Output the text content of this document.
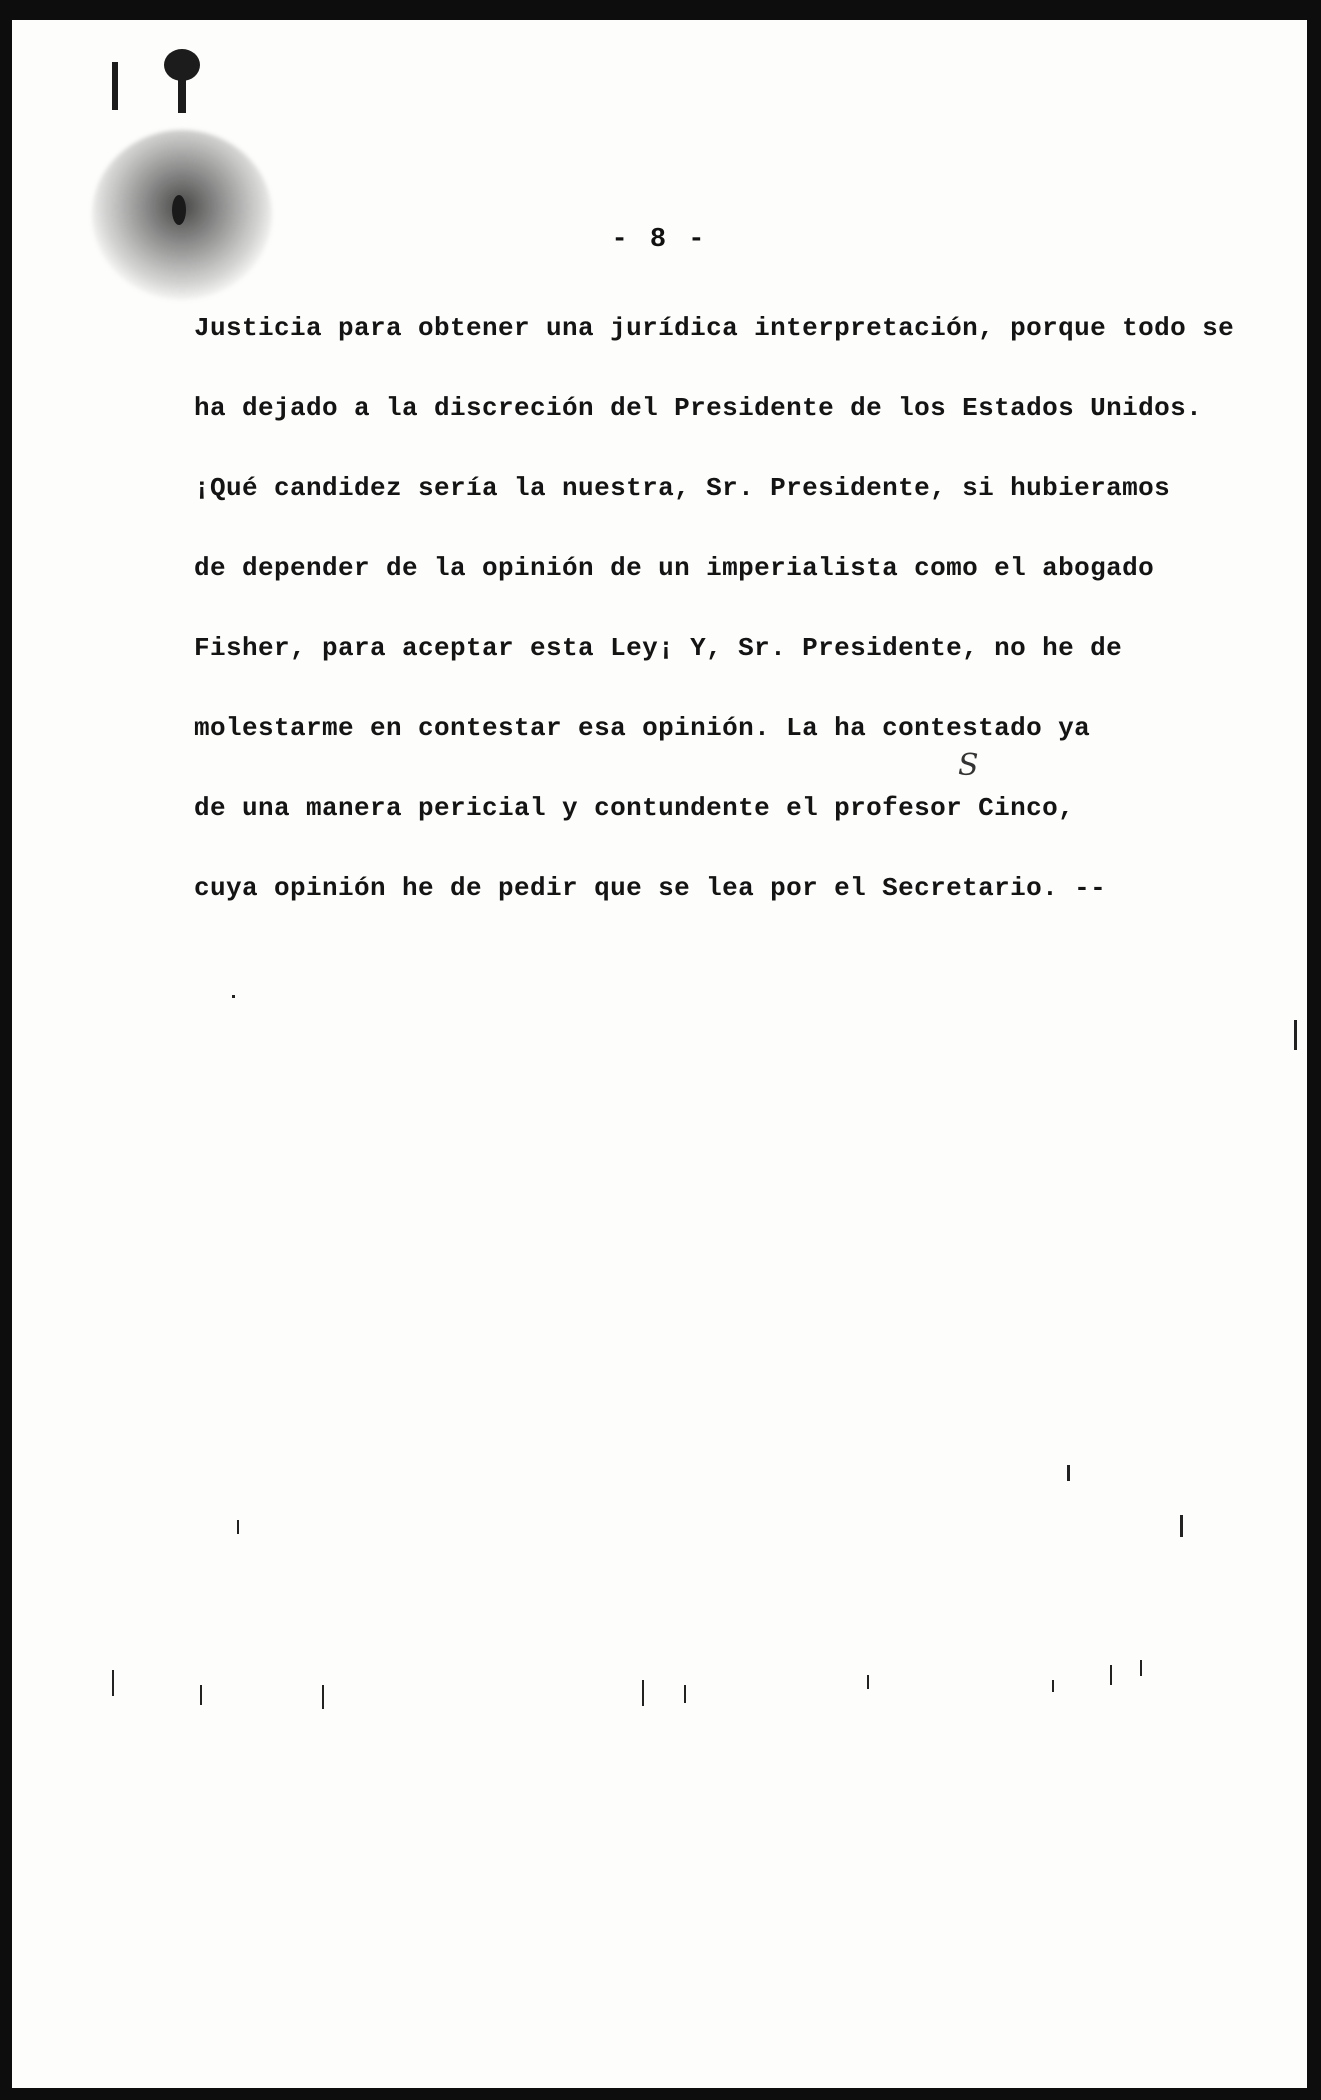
- 8 -
Justicia para obtener una jurídica interpretación, porque todo se
ha dejado a la discreción del Presidente de los Estados Unidos.
¡Qué candidez sería la nuestra, Sr. Presidente, si hubieramos
de depender de la opinión de un imperialista como el abogado
Fisher, para aceptar esta Ley¡ Y, Sr. Presidente, no he de
molestarme en contestar esa opinión. La ha contestado ya
de una manera pericial y contundente el profesor Cinco,
cuya opinión he de pedir que se lea por el Secretario. --
S
